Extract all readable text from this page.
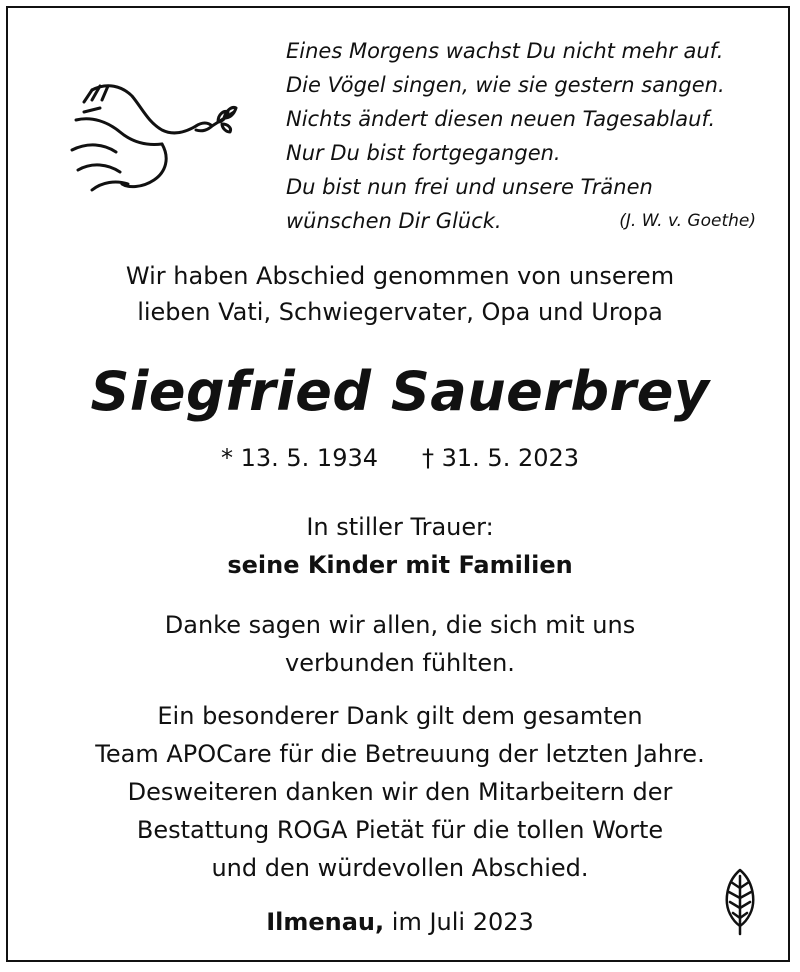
Eines Morgens wachst Du nicht mehr auf.
Die Vögel singen, wie sie gestern sangen.
Nichts ändert diesen neuen Tagesablauf.
Nur Du bist fortgegangen.
Du bist nun frei und unsere Tränen
wünschen Dir Glück.	(J. W. v. Goethe)
Wir haben Abschied genommen von unserem
lieben Vati, Schwiegervater, Opa und Uropa
Siegfried Sauerbrey
* 13. 5. 1934 † 31. 5. 2023
In stiller Trauer:
seine Kinder mit Familien
Danke sagen wir allen, die sich mit uns
verbunden fühlten.
Ein besonderer Dank gilt dem gesamten
Team APOCare für die Betreuung der letzten Jahre.
Desweiteren danken wir den Mitarbeitern der
Bestattung ROGA Pietät für die tollen Worte
und den würdevollen Abschied.
Ilmenau, im Juli 2023
